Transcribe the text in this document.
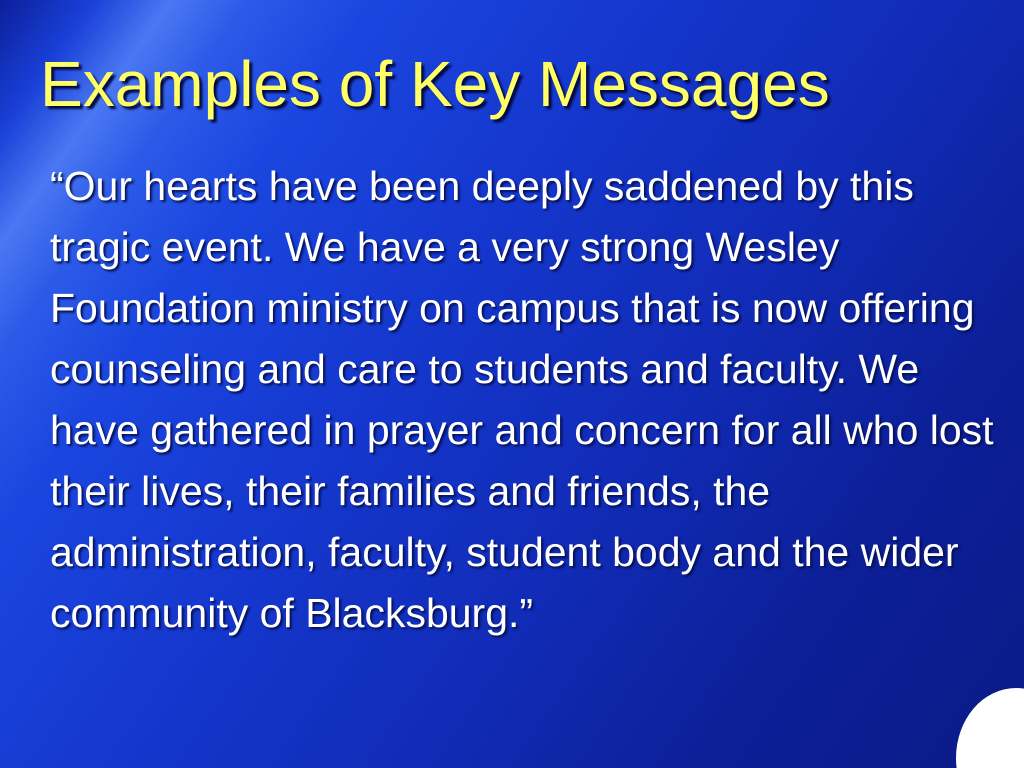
Examples of Key Messages

“Our hearts have been deeply saddened by this tragic event. We have a very strong Wesley Foundation ministry on campus that is now offering counseling and care to students and faculty. We have gathered in prayer and concern for all who lost their lives, their families and friends, the administration, faculty, student body and the wider community of Blacksburg.”
